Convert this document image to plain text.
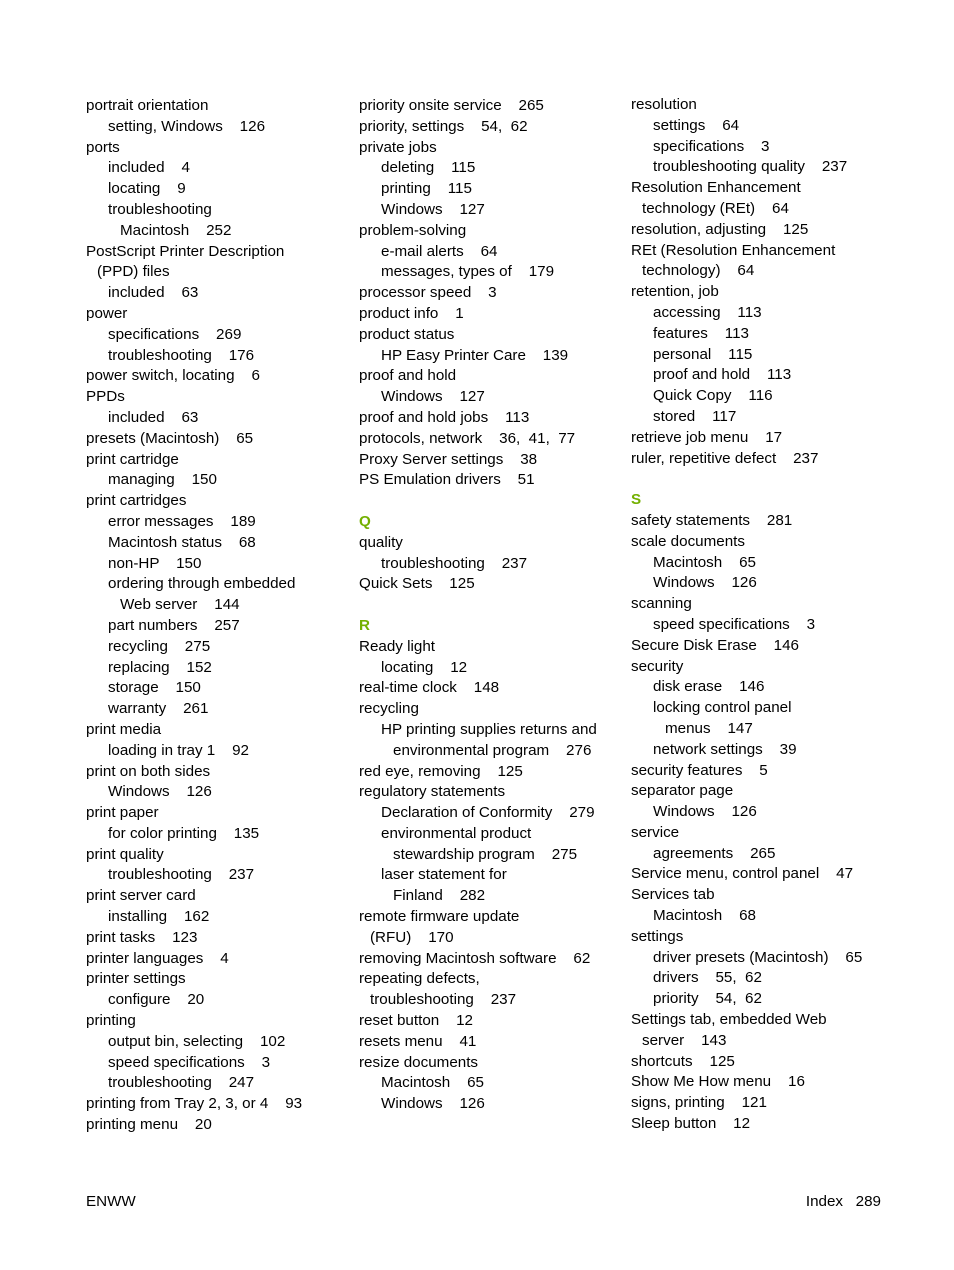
portrait orientation
setting, Windows    126
ports
included    4
locating    9
troubleshooting
Macintosh    252
PostScript Printer Description
(PPD) files
included    63
power
specifications    269
troubleshooting    176
power switch, locating    6
PPDs
included    63
presets (Macintosh)    65
print cartridge
managing    150
print cartridges
error messages    189
Macintosh status    68
non-HP    150
ordering through embedded
Web server    144
part numbers    257
recycling    275
replacing    152
storage    150
warranty    261
print media
loading in tray 1    92
print on both sides
Windows    126
print paper
for color printing    135
print quality
troubleshooting    237
print server card
installing    162
print tasks    123
printer languages    4
printer settings
configure    20
printing
output bin, selecting    102
speed specifications    3
troubleshooting    247
printing from Tray 2, 3, or 4    93
printing menu    20
priority onsite service    265
priority, settings    54,  62
private jobs
deleting    115
printing    115
Windows    127
problem-solving
e-mail alerts    64
messages, types of    179
processor speed    3
product info    1
product status
HP Easy Printer Care    139
proof and hold
Windows    127
proof and hold jobs    113
protocols, network    36,  41,  77
Proxy Server settings    38
PS Emulation drivers    51
Q
quality
troubleshooting    237
Quick Sets    125
R
Ready light
locating    12
real-time clock    148
recycling
HP printing supplies returns and
environmental program    276
red eye, removing    125
regulatory statements
Declaration of Conformity    279
environmental product
stewardship program    275
laser statement for
Finland    282
remote firmware update
(RFU)    170
removing Macintosh software    62
repeating defects,
troubleshooting    237
reset button    12
resets menu    41
resize documents
Macintosh    65
Windows    126
resolution
settings    64
specifications    3
troubleshooting quality    237
Resolution Enhancement
technology (REt)    64
resolution, adjusting    125
REt (Resolution Enhancement
technology)    64
retention, job
accessing    113
features    113
personal    115
proof and hold    113
Quick Copy    116
stored    117
retrieve job menu    17
ruler, repetitive defect    237
S
safety statements    281
scale documents
Macintosh    65
Windows    126
scanning
speed specifications    3
Secure Disk Erase    146
security
disk erase    146
locking control panel
menus    147
network settings    39
security features    5
separator page
Windows    126
service
agreements    265
Service menu, control panel    47
Services tab
Macintosh    68
settings
driver presets (Macintosh)    65
drivers    55,  62
priority    54,  62
Settings tab, embedded Web
server    143
shortcuts    125
Show Me How menu    16
signs, printing    121
Sleep button    12
ENWW	Index   289
